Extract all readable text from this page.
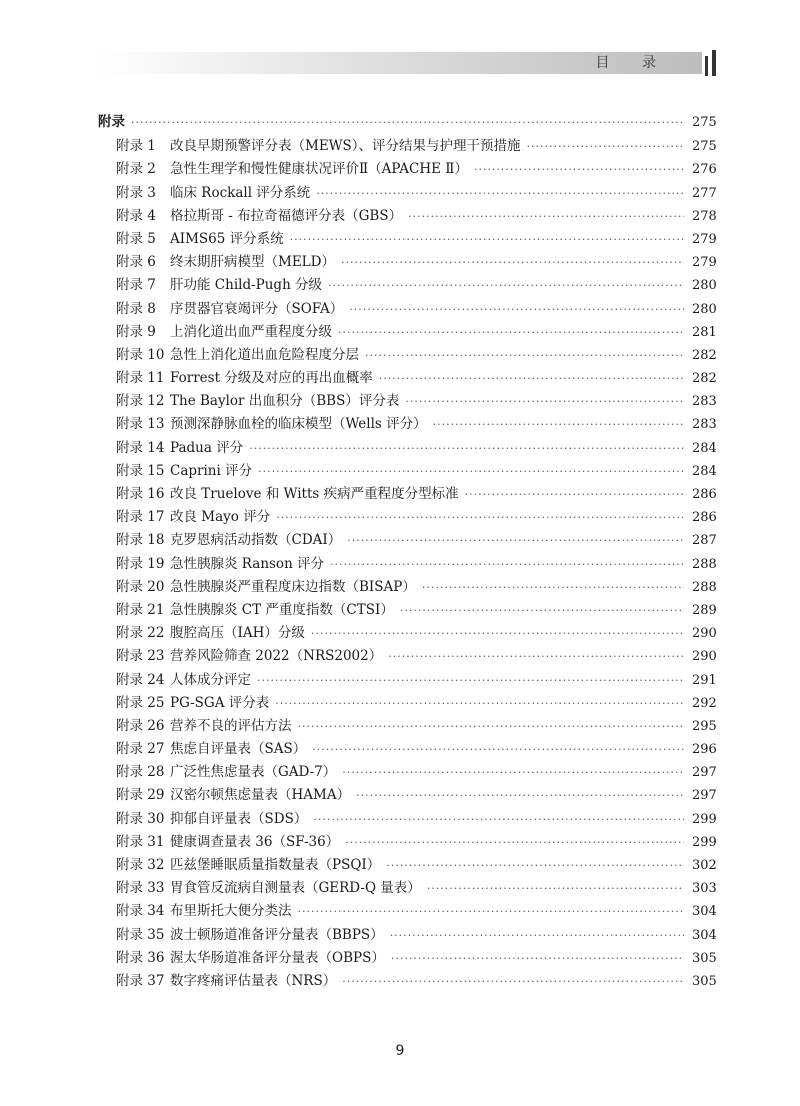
目 录
附录 ·····	275
附录 1	改良早期预警评分表（MEWS）、评分结果与护理干预措施 ·····	275
附录 2	急性生理学和慢性健康状况评价Ⅱ（APACHE Ⅱ） ·····	276
附录 3	临床 Rockall 评分系统 ·····	277
附录 4	格拉斯哥 - 布拉奇福德评分表（GBS） ·····	278
附录 5	AIMS65 评分系统 ·····	279
附录 6	终末期肝病模型（MELD） ·····	279
附录 7	肝功能 Child-Pugh 分级 ·····	280
附录 8	序贯器官衰竭评分（SOFA） ·····	280
附录 9	上消化道出血严重程度分级 ·····	281
附录 10 急性上消化道出血危险程度分层 ·····	282
附录 11 Forrest 分级及对应的再出血概率 ·····	282
附录 12 The Baylor 出血积分（BBS）评分表 ·····	283
附录 13 预测深静脉血栓的临床模型（Wells 评分） ·····	283
附录 14 Padua 评分 ·····	284
附录 15 Caprini 评分 ·····	284
附录 16 改良 Truelove 和 Witts 疾病严重程度分型标准 ·····	286
附录 17 改良 Mayo 评分 ·····	286
附录 18 克罗恩病活动指数（CDAI） ·····	287
附录 19 急性胰腺炎 Ranson 评分 ·····	288
附录 20 急性胰腺炎严重程度床边指数（BISAP） ·····	288
附录 21 急性胰腺炎 CT 严重度指数（CTSI） ·····	289
附录 22 腹腔高压（IAH）分级 ·····	290
附录 23 营养风险筛查 2022（NRS2002） ·····	290
附录 24 人体成分评定 ·····	291
附录 25 PG-SGA 评分表 ·····	292
附录 26 营养不良的评估方法 ·····	295
附录 27 焦虑自评量表（SAS） ·····	296
附录 28 广泛性焦虑量表（GAD-7） ·····	297
附录 29 汉密尔顿焦虑量表（HAMA） ·····	297
附录 30 抑郁自评量表（SDS） ·····	299
附录 31 健康调查量表 36（SF-36） ·····	299
附录 32 匹兹堡睡眠质量指数量表（PSQI） ·····	302
附录 33 胃食管反流病自测量表（GERD-Q 量表） ·····	303
附录 34 布里斯托大便分类法 ·····	304
附录 35 波士顿肠道准备评分量表（BBPS） ·····	304
附录 36 渥太华肠道准备评分量表（OBPS） ·····	305
附录 37 数字疼痛评估量表（NRS） ·····	305
9
